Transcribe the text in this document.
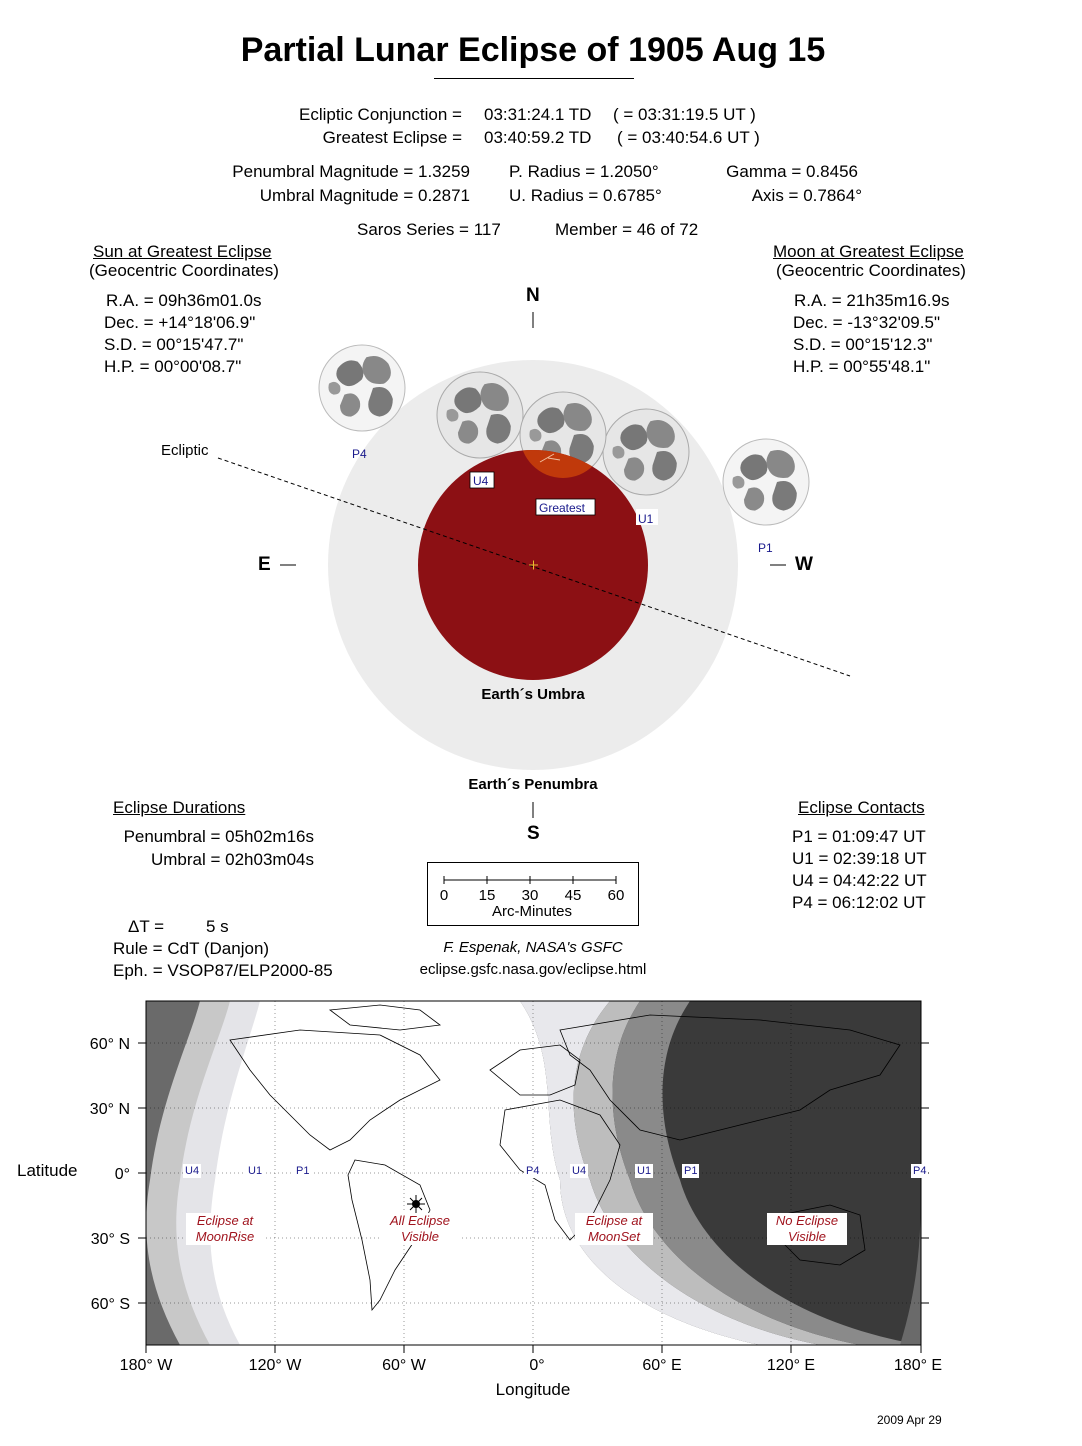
Partial Lunar Eclipse of 1905 Aug 15
Ecliptic Conjunction = 03:31:24.1 TD ( = 03:31:19.5 UT )
Greatest Eclipse = 03:40:59.2 TD ( = 03:40:54.6 UT )
Penumbral Magnitude = 1.3259
Umbral Magnitude = 0.2871
P. Radius = 1.2050°
U. Radius = 0.6785°
Gamma = 0.8456
Axis = 0.7864°
Saros Series = 117	Member = 46 of 72
Sun at Greatest Eclipse
(Geocentric Coordinates)
R.A. = 09h36m01.0s
Dec. = +14°18'06.9"
S.D. = 00°15'47.7"
H.P. = 00°00'08.7"
Moon at Greatest Eclipse
(Geocentric Coordinates)
R.A. = 21h35m16.9s
Dec. = -13°32'09.5"
S.D. = 00°15'12.3"
H.P. = 00°55'48.1"
N
S
E	W
Ecliptic	P4
U4
Greatest
U1
P1
Earth´s Umbra
Earth´s Penumbra
Eclipse Durations
Penumbral = 05h02m16s
Umbral = 02h03m04s
Eclipse Contacts
P1 = 01:09:47 UT
U1 = 02:39:18 UT
U4 = 04:42:22 UT
P4 = 06:12:02 UT
0	15	30	45	60
Arc-Minutes
ΔT = 5 s
Rule = CdT (Danjon)
Eph. = VSOP87/ELP2000-85
F. Espenak, NASA's GSFC
eclipse.gsfc.nasa.gov/eclipse.html
U4	U1	P1	P4	U4	U1	P1	P4
Eclipse at
MoonRise
All Eclipse
Visible
Eclipse at
MoonSet
No Eclipse
Visible
Latitude
60° N
30° N
0°
30° S
60° S
180° W	120° W	60° W	0°	60° E	120° E	180° E
Longitude
2009 Apr 29
